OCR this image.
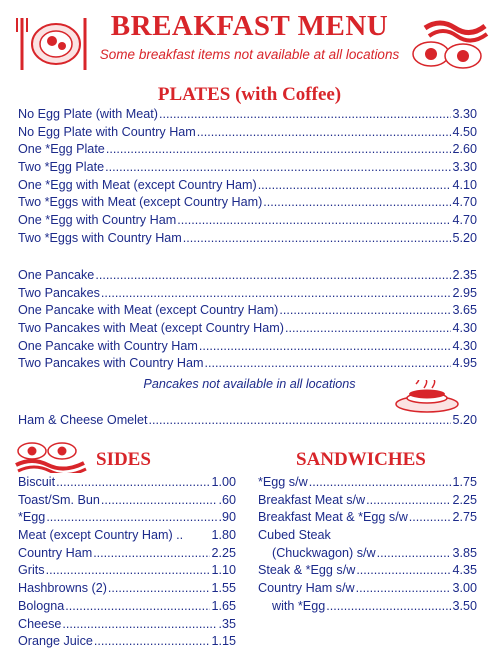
BREAKFAST MENU
Some breakfast items not available at all locations
PLATES (with Coffee)
No Egg Plate (with Meat) .....	3.30
No Egg Plate with Country Ham .....	4.50
One *Egg Plate .....	2.60
Two *Egg Plate .....	3.30
One *Egg with Meat (except Country Ham) .....	4.10
Two *Eggs with Meat (except Country Ham) .....	4.70
One *Egg with Country Ham .....	4.70
Two *Eggs with Country Ham .....	5.20
One Pancake .....	2.35
Two Pancakes .....	2.95
One Pancake with Meat (except Country Ham) .....	3.65
Two Pancakes with Meat (except Country Ham) .....	4.30
One Pancake with Country Ham .....	4.30
Two Pancakes with Country Ham .....	4.95
Pancakes not available in all locations
Ham & Cheese Omelet .....	5.20
SIDES	SANDWICHES
Biscuit .....	1.00
Toast/Sm. Bun .....	.60
*Egg .....	.90
Meat (except Country Ham) .. 1.80
Country Ham .....	2.25
Grits .....	1.10
Hashbrowns (2) .....	1.55
Bologna .....	1.65
Cheese .....	.35
Orange Juice .....	1.15
*Egg s/w .....	1.75
Breakfast Meat s/w .....	2.25
Breakfast Meat & *Egg s/w .....	2.75
Cubed Steak
(Chuckwagon) s/w .....	3.85
Steak & *Egg s/w .....	4.35
Country Ham s/w .....	3.00
with *Egg .....	3.50
